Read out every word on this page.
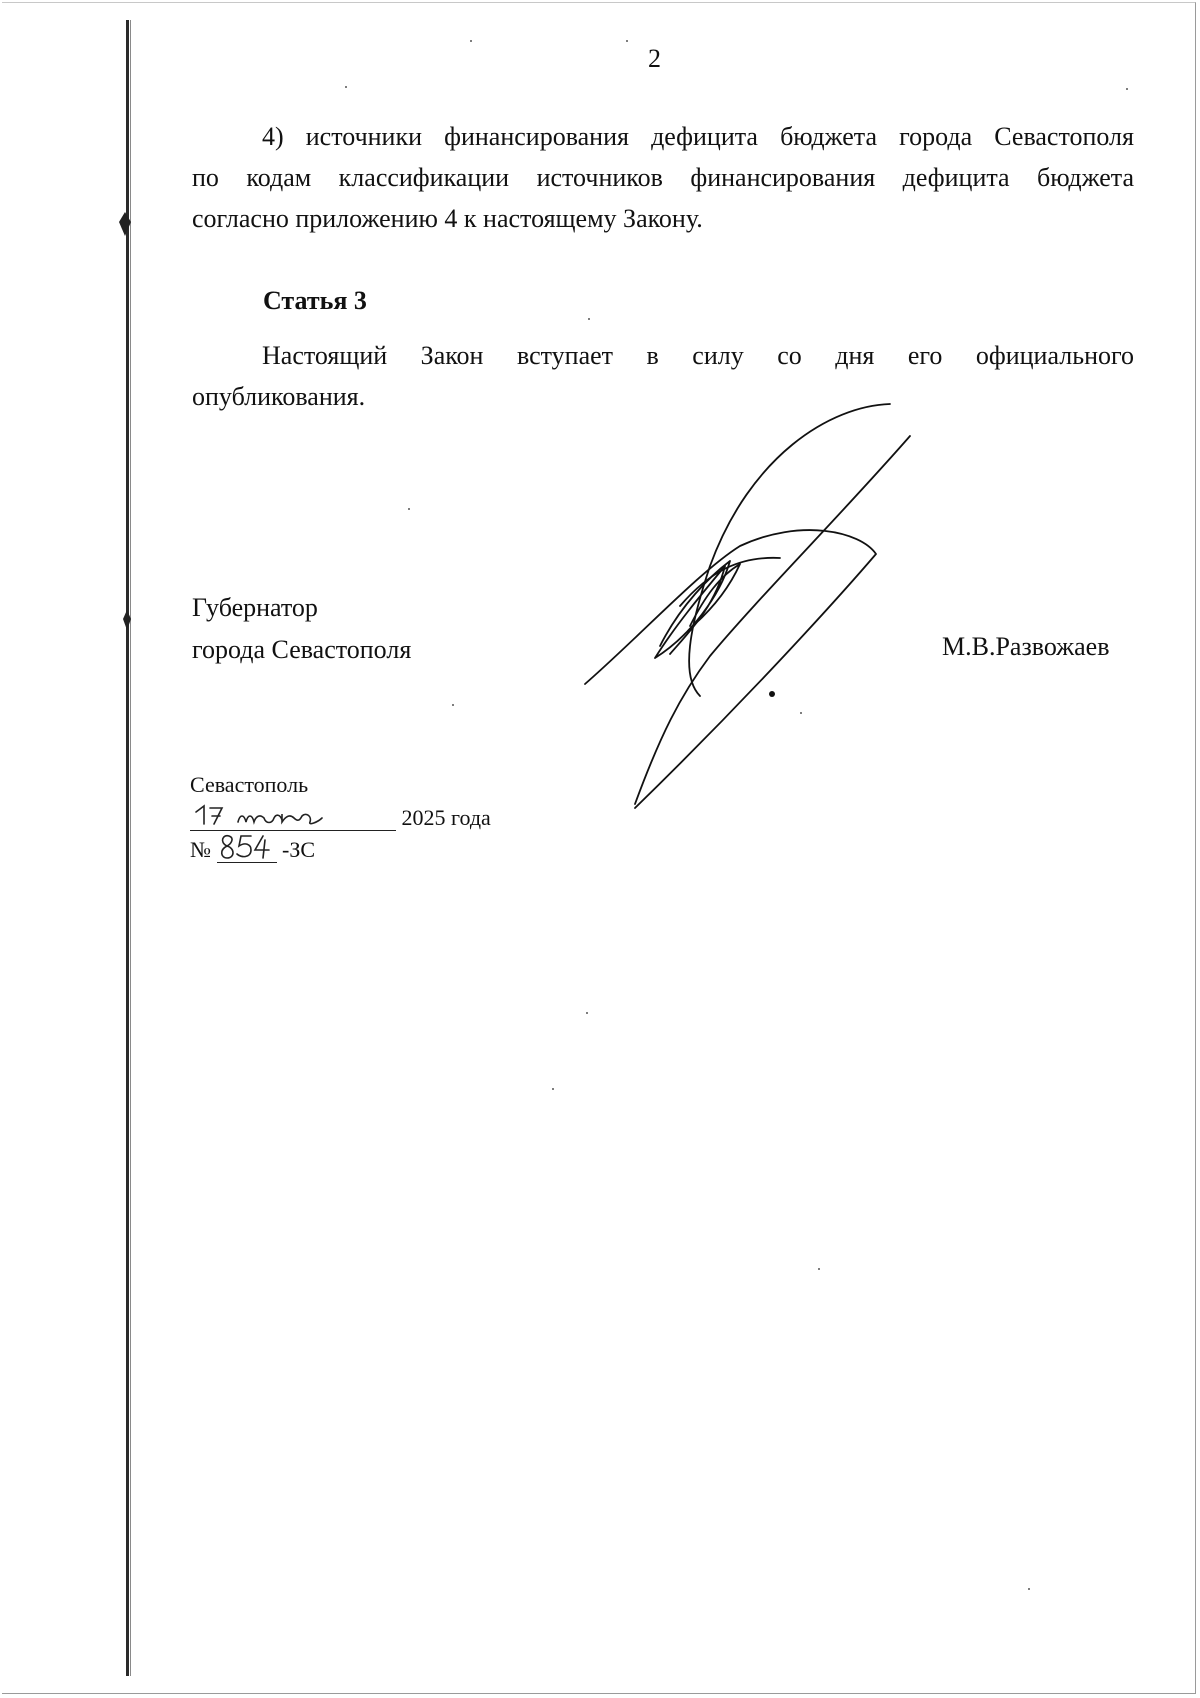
2
4) источники финансирования дефицита бюджета города Севастополя
по кодам классификации источников финансирования дефицита бюджета
согласно приложению 4 к настоящему Закону.
Статья 3
Настоящий Закон вступает в силу со дня его официального
опубликования.
Губернатор
города Севастополя	М.В.Развожаев
Севастополь
2025 года
№	-ЗС
